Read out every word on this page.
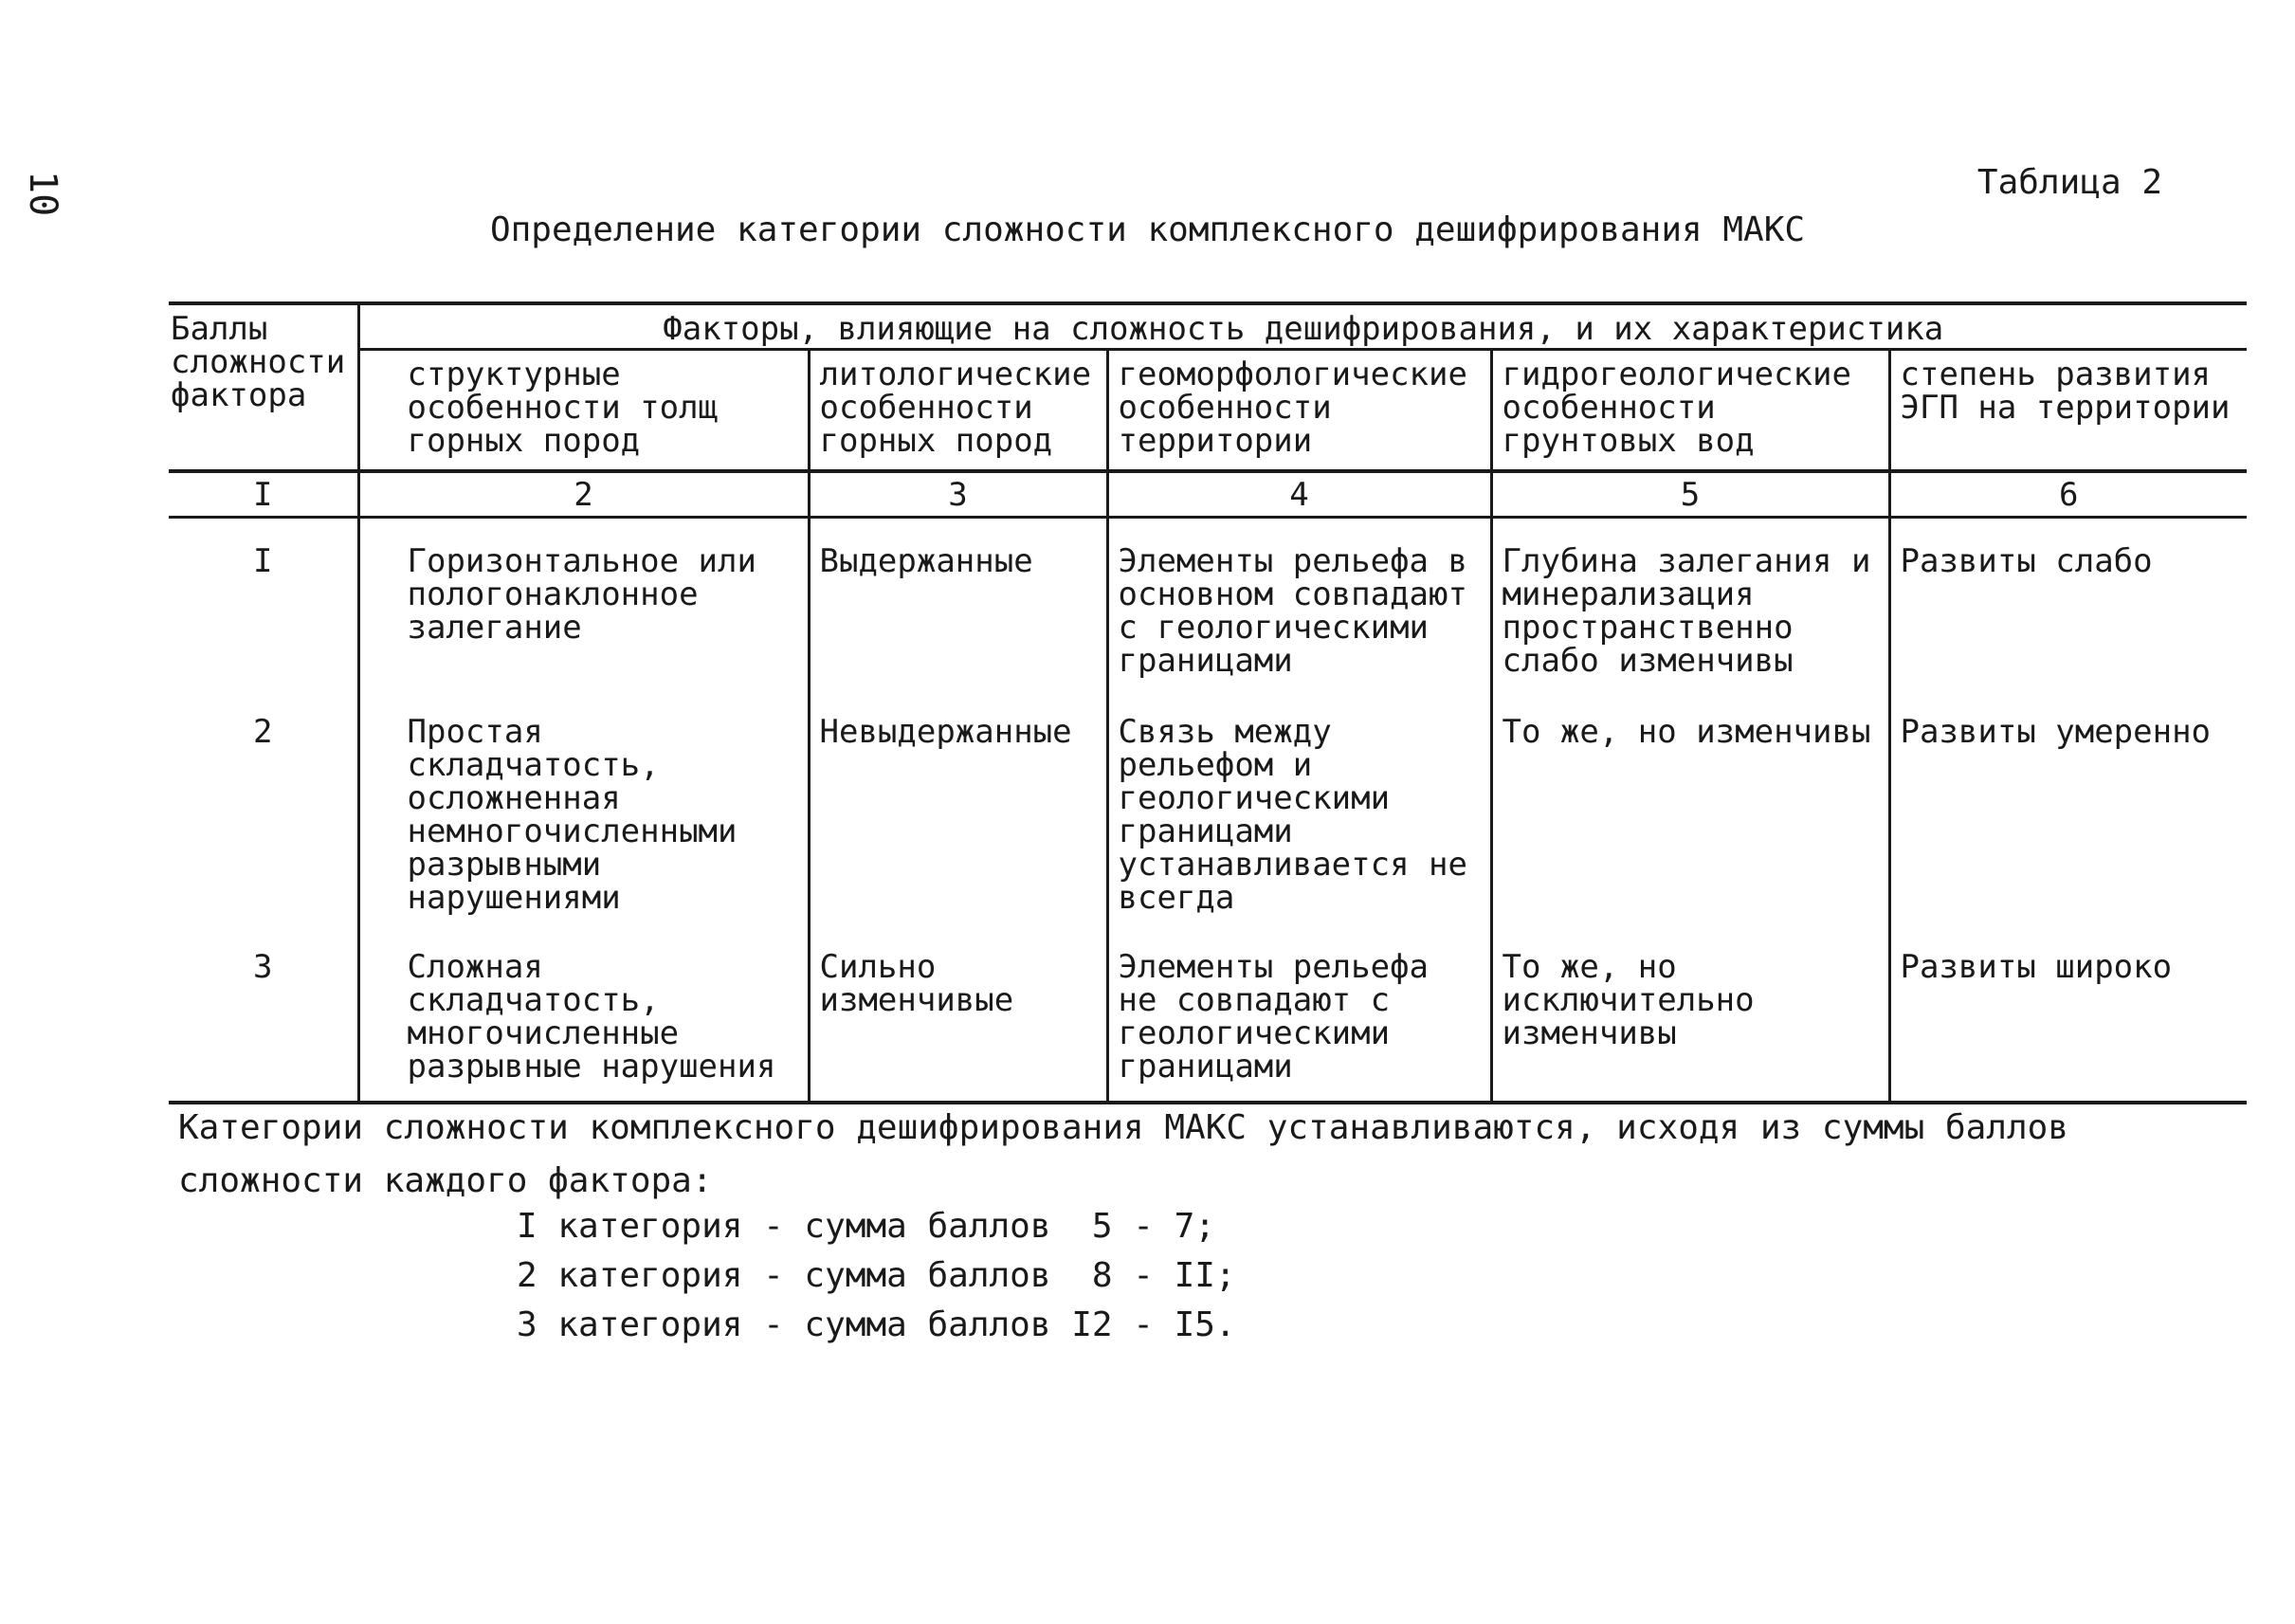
10	Таблица 2
Определение категории сложности комплексного дешифрирования МАКС
Баллы сложности фактора	Факторы, влияющие на сложность дешифрирования, и их характеристика				
	структурные особенности толщ горных пород	литологические особенности горных пород	геоморфологические особенности территории	гидрогеологические особенности грунтовых вод	степень развития ЭГП на территории
I	2	3	4	5	6
I	Горизонтальное или пологонаклонное залегание	Выдержанные	Элементы рельефа в основном совпадают с геологическими границами	Глубина залегания и минерализация пространственно слабо изменчивы	Развиты слабо
2	Простая складчатость, осложненная немногочисленными разрывными нарушениями	Невыдержанные	Связь между рельефом и геологическими границами устанавливается не всегда	То же, но изменчивы	Развиты умеренно
3	Сложная складчатость, многочисленные разрывные нарушения	Сильно изменчивые	Элементы рельефа не совпадают с геологическими границами	То же, но исключительно изменчивы	Развиты широко

Категории сложности комплексного дешифрирования МАКС устанавливаются, исходя из суммы баллов сложности каждого фактора:
I категория - сумма баллов  5 - 7;
2 категория - сумма баллов  8 - II;
3 категория - сумма баллов I2 - I5.
